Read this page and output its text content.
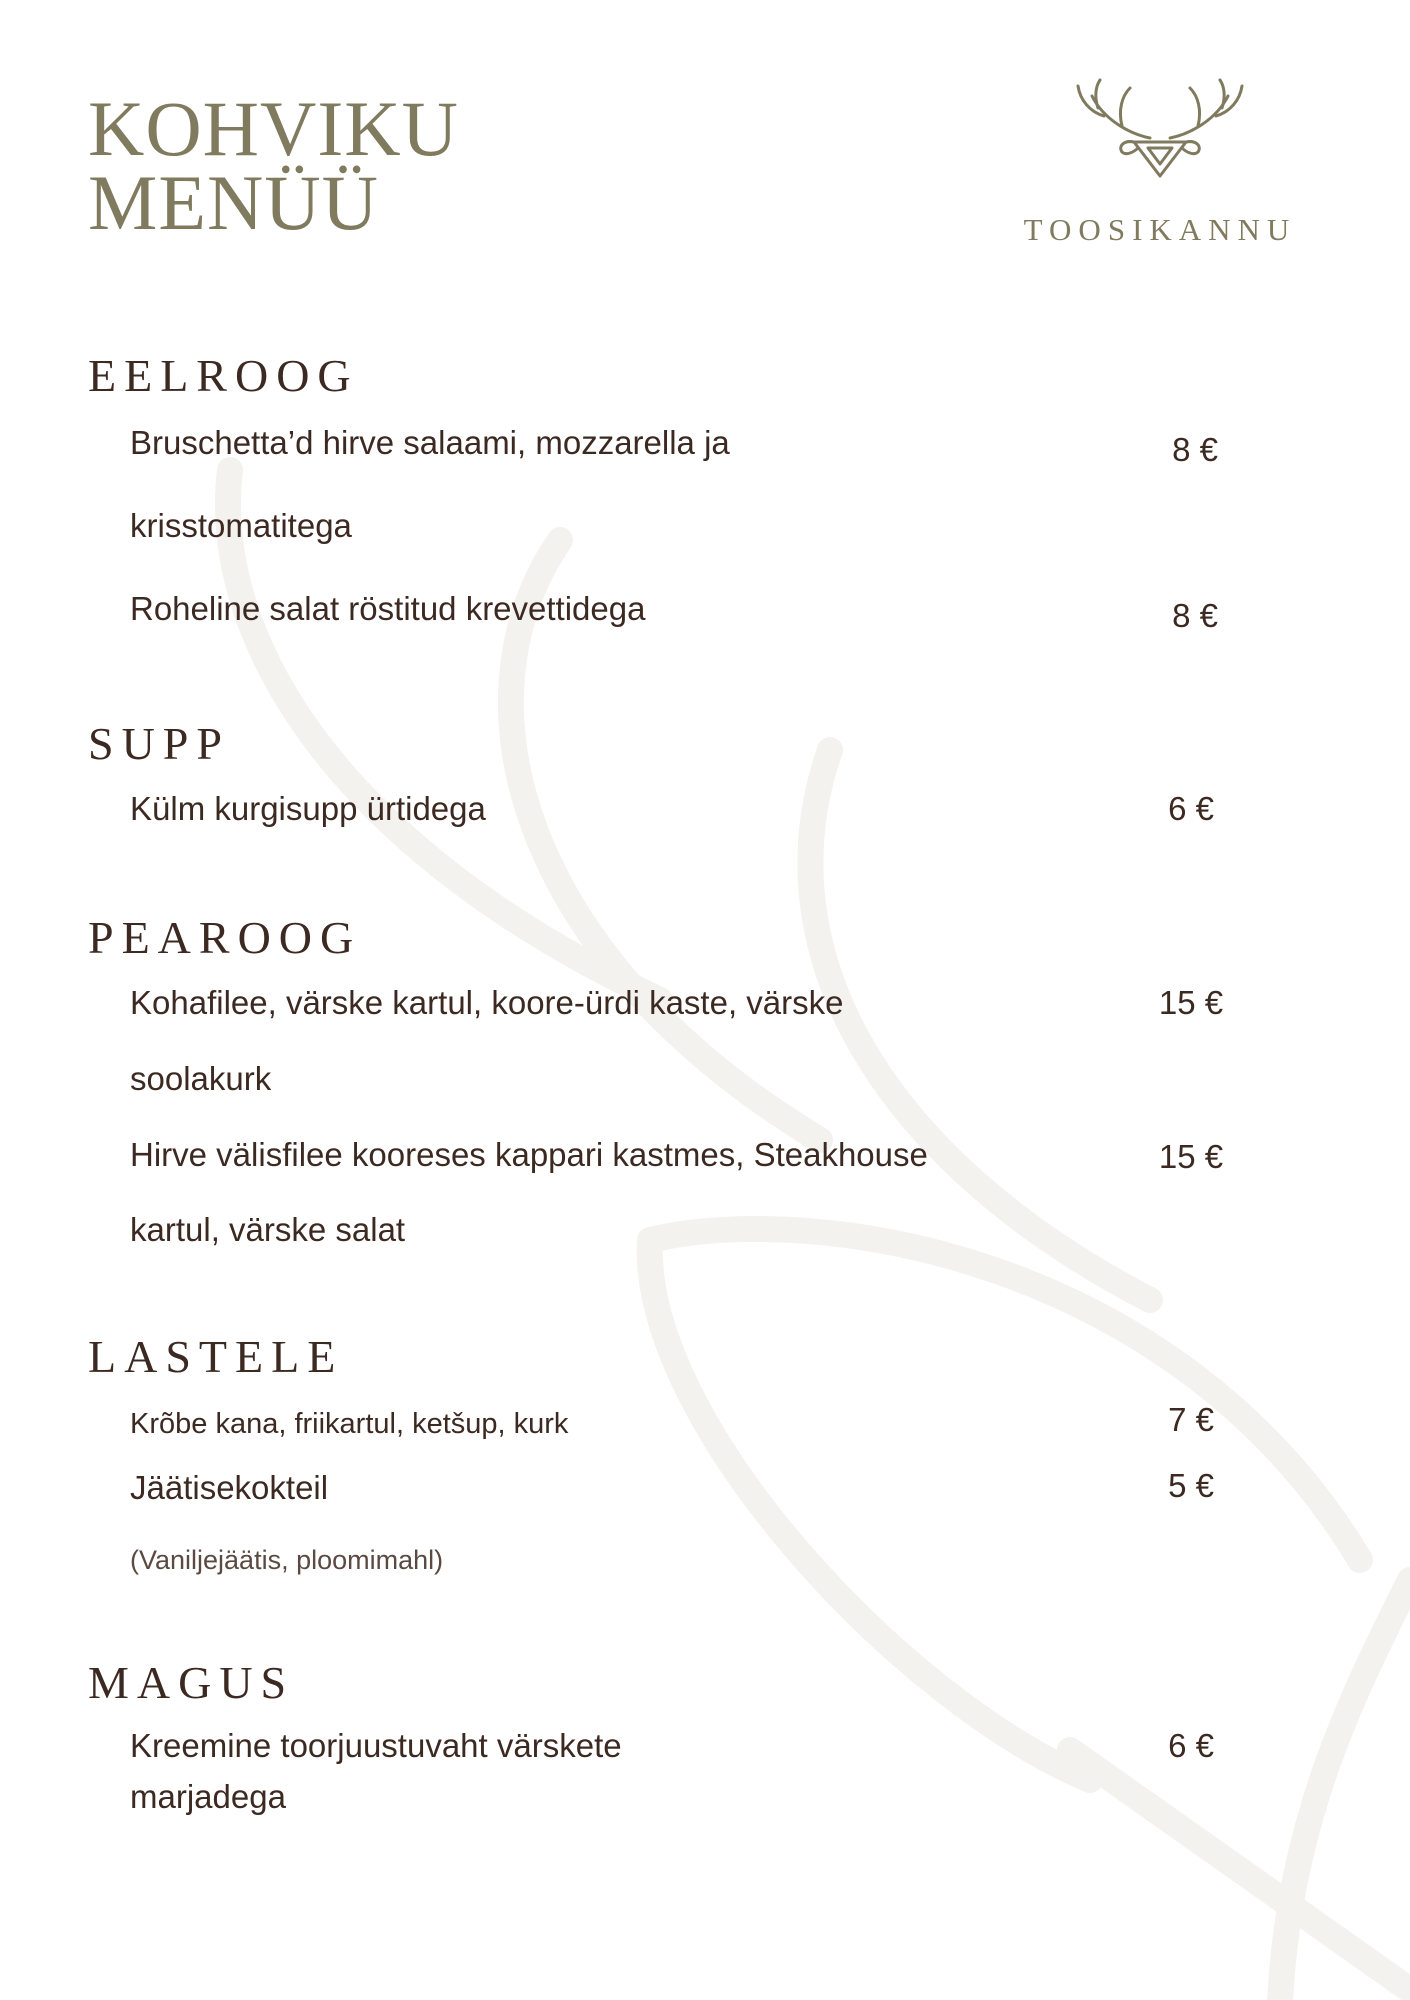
KOHVIKU
MENÜÜ	TOOSIKANNU
EELROOG
Bruschetta’d hirve salaami, mozzarella ja	8 €
krisstomatitega
Roheline salat röstitud krevettidega	8 €
SUPP
Külm kurgisupp ürtidega	6 €
PEAROOG
Kohafilee, värske kartul, koore-ürdi kaste, värske	15 €
soolakurk
Hirve välisfilee kooreses kappari kastmes, Steakhouse	15 €
kartul, värske salat
LASTELE
Krõbe kana, friikartul, ketšup, kurk	7 €
Jäätisekokteil	5 €
(Vaniljejäätis, ploomimahl)
MAGUS
Kreemine toorjuustuvaht värskete	6 €
marjadega
